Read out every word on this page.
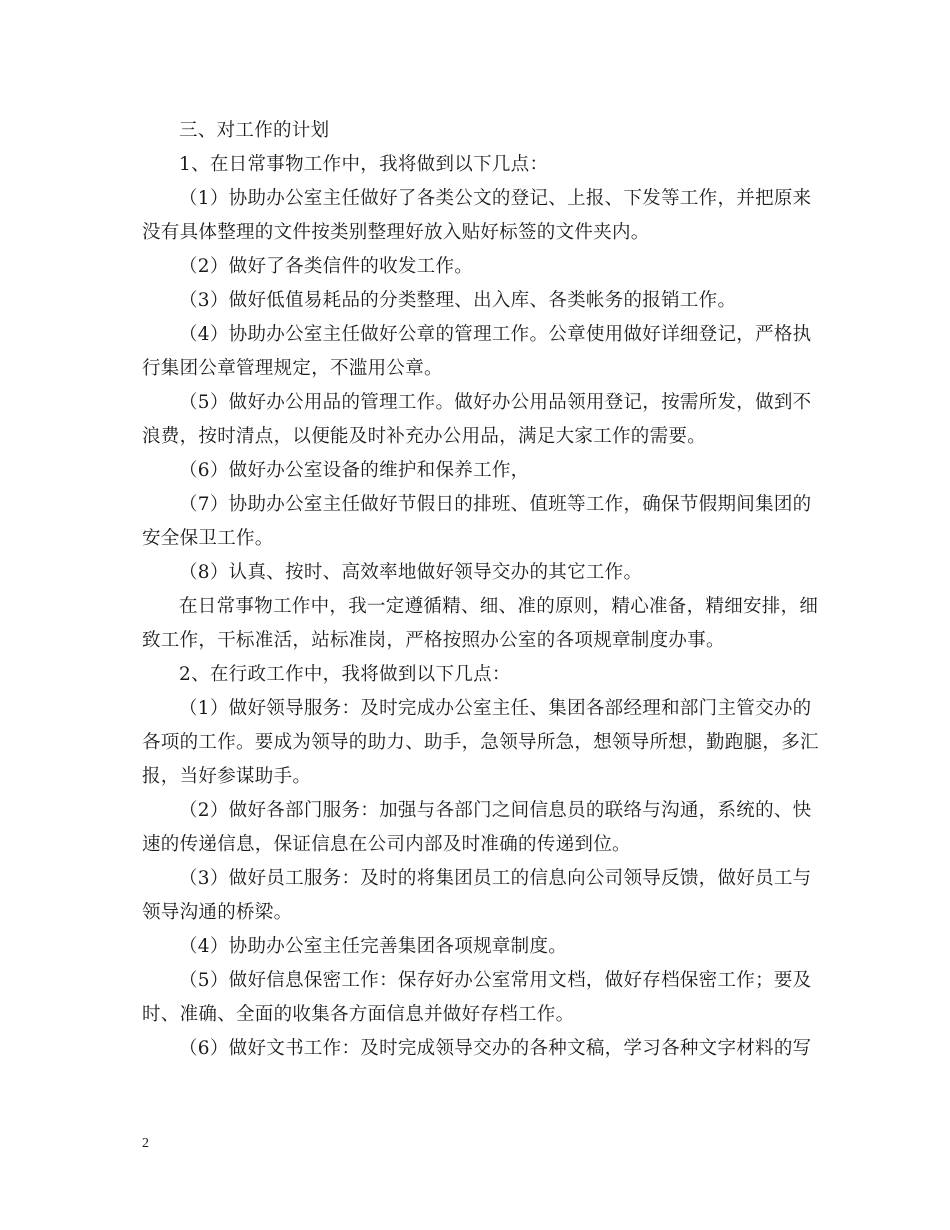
三、对工作的计划
1、在日常事物工作中，我将做到以下几点：
（1）协助办公室主任做好了各类公文的登记、上报、下发等工作，并把原来
没有具体整理的文件按类别整理好放入贴好标签的文件夹内。
（2）做好了各类信件的收发工作。
（3）做好低值易耗品的分类整理、出入库、各类帐务的报销工作。
（4）协助办公室主任做好公章的管理工作。公章使用做好详细登记，严格执
行集团公章管理规定，不滥用公章。
（5）做好办公用品的管理工作。做好办公用品领用登记，按需所发，做到不
浪费，按时清点，以便能及时补充办公用品，满足大家工作的需要。
（6）做好办公室设备的维护和保养工作，
（7）协助办公室主任做好节假日的排班、值班等工作，确保节假期间集团的
安全保卫工作。
（8）认真、按时、高效率地做好领导交办的其它工作。
在日常事物工作中，我一定遵循精、细、准的原则，精心准备，精细安排，细
致工作，干标准活，站标准岗，严格按照办公室的各项规章制度办事。
2、在行政工作中，我将做到以下几点：
（1）做好领导服务：及时完成办公室主任、集团各部经理和部门主管交办的
各项的工作。要成为领导的助力、助手，急领导所急，想领导所想，勤跑腿，多汇
报，当好参谋助手。
（2）做好各部门服务：加强与各部门之间信息员的联络与沟通，系统的、快
速的传递信息，保证信息在公司内部及时准确的传递到位。
（3）做好员工服务：及时的将集团员工的信息向公司领导反馈，做好员工与
领导沟通的桥梁。
（4）协助办公室主任完善集团各项规章制度。
（5）做好信息保密工作：保存好办公室常用文档，做好存档保密工作；要及
时、准确、全面的收集各方面信息并做好存档工作。
（6）做好文书工作：及时完成领导交办的各种文稿，学习各种文字材料的写
2
